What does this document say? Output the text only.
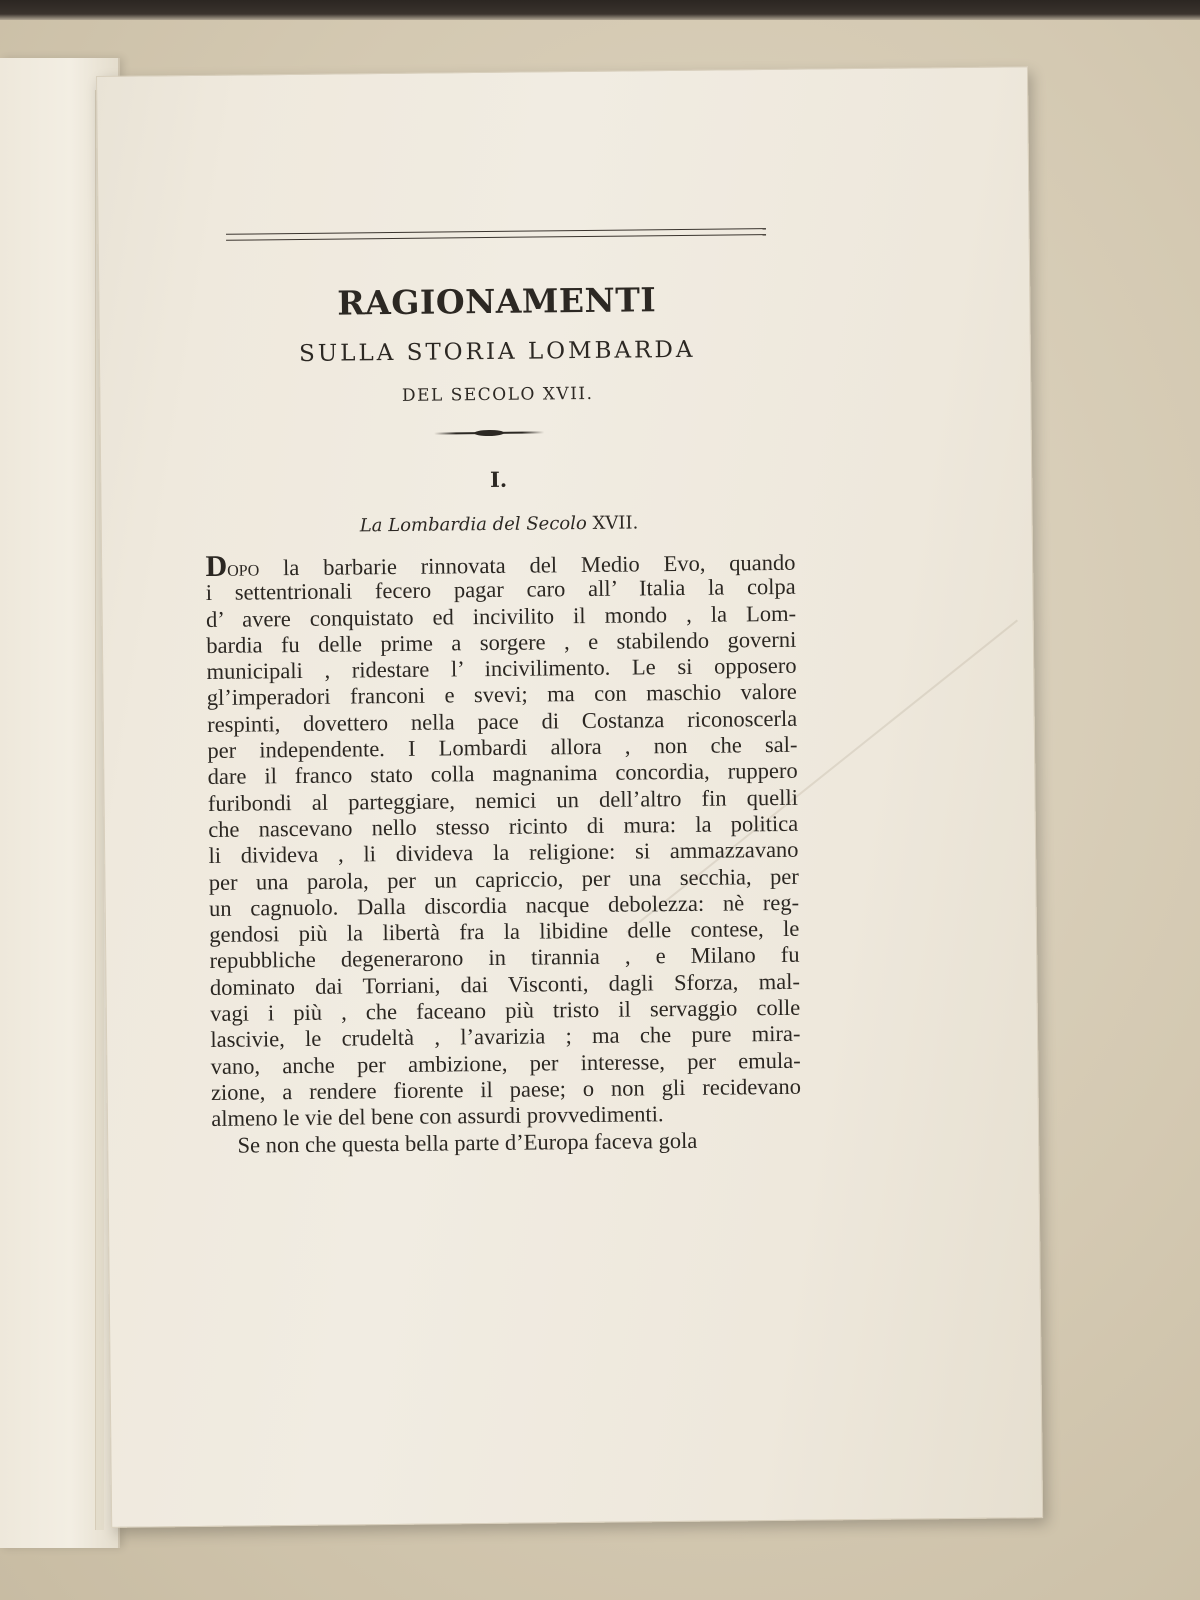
RAGIONAMENTI
SULLA STORIA LOMBARDA
DEL SECOLO XVII.
I.
La Lombardia del Secolo XVII.
Dopo la barbarie rinnovata del Medio Evo, quando
i settentrionali fecero pagar caro all’ Italia la colpa
d’ avere conquistato ed incivilito il mondo , la Lom-
bardia fu delle prime a sorgere , e stabilendo governi
municipali , ridestare l’ incivilimento. Le si opposero
gl’imperadori franconi e svevi; ma con maschio valore
respinti, dovettero nella pace di Costanza riconoscerla
per independente. I Lombardi allora , non che sal-
dare il franco stato colla magnanima concordia, ruppero
furibondi al parteggiare, nemici un dell’altro fin quelli
che nascevano nello stesso ricinto di mura: la politica
li divideva , li divideva la religione: si ammazzavano
per una parola, per un capriccio, per una secchia, per
un cagnuolo. Dalla discordia nacque debolezza: nè reg-
gendosi più la libertà fra la libidine delle contese, le
repubbliche degenerarono in tirannia , e Milano fu
dominato dai Torriani, dai Visconti, dagli Sforza, mal-
vagi i più , che faceano più tristo il servaggio colle
lascivie, le crudeltà , l’avarizia ; ma che pure mira-
vano, anche per ambizione, per interesse, per emula-
zione, a rendere fiorente il paese; o non gli recidevano
almeno le vie del bene con assurdi provvedimenti.
Se non che questa bella parte d’Europa faceva gola
